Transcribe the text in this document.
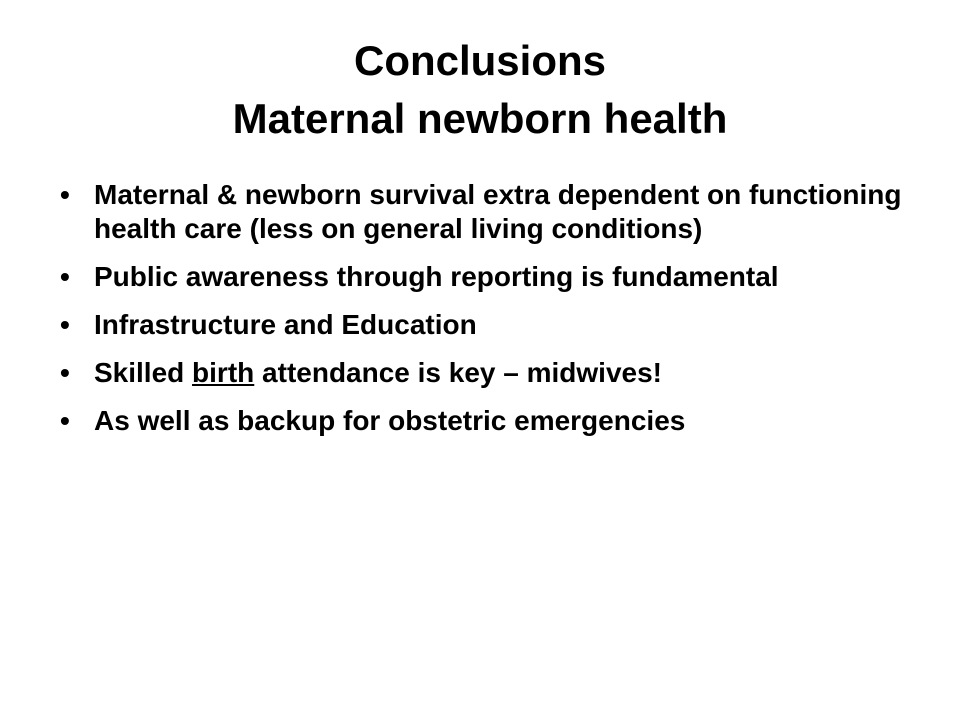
Conclusions
Maternal newborn health
• Maternal & newborn survival extra dependent on functioning health care (less on general living conditions)
• Public awareness through reporting is fundamental
• Infrastructure and Education
• Skilled birth attendance is key – midwives!
• As well as backup for obstetric emergencies
